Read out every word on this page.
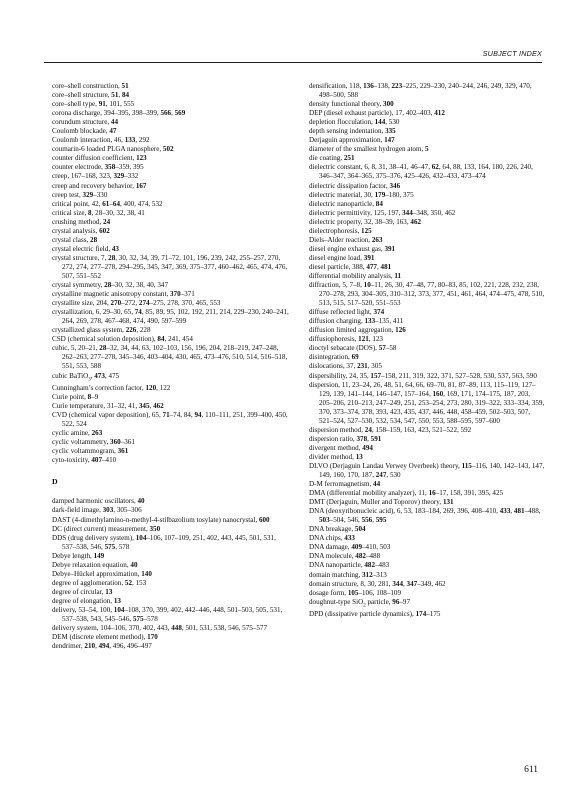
SUBJECT INDEX

core–shell construction, 51

core–shell structure, 51, 84

core–shell type, 91, 101, 555

corona discharge, 394–395, 398–399, 566, 569

corundum structure, 44

Coulomb blockade, 47

Coulomb interaction, 46, 133, 292

coumarin-6 loaded PLGA nanosphere, 502

counter diffusion coefficient, 123

counter electrode, 358–359, 395

creep, 167–168, 323, 329–332

creep and recovery behavior, 167

creep test, 329–330

critical point, 42, 61–64, 400, 474, 532

critical size, 8, 28–30, 32, 38, 41

crushing method, 24

crystal analysis, 602

crystal class, 28

crystal electric field, 43

crystal structure, 7, 28, 30, 32, 34, 39, 71–72, 101, 196, 239, 242, 255–257, 270, 272, 274, 277–278, 294–295, 345, 347, 369, 375–377, 460–462, 465, 474, 476, 507, 551–552

crystal symmetry, 28–30, 32, 38, 40, 347

crystalline magnetic anisotropy constant, 370–371

crystallite size, 204, 270–272, 274–275, 278, 370, 465, 553

crystallization, 6, 29–30, 65, 74, 85, 89, 95, 102, 192, 211, 214, 229–230, 240–241, 264, 269, 278, 467–468, 474, 490, 597–599

crystallized glass system, 226, 228

CSD (chemical solution deposition), 84, 241, 454

cubic, 5, 20–21, 28–32, 34, 44, 63, 102–103, 156, 196, 204, 218–219, 247–248, 262–263, 277–278, 345–346, 403–404, 430, 465, 473–476, 510, 514, 516–518, 551, 553, 588

cubic BaTiO$_3$, 473, 475

Cunningham’s correction factor, 120, 122

Curie point, 8–9

Curie temperature, 31–32, 41, 345, 462

CVD (chemical vapor deposition), 65, 71–74, 84, 94, 110–111, 251, 399–400, 450, 522, 524

cyclic amine, 263

cyclic voltammetry, 360–361

cyclic voltammogram, 361

cyto-toxicity, 407–410

D

damped harmonic oscillators, 40

dark-field image, 303, 305–306

DAST (4-dimethylamino-n-methyl-4-stilbazolium tosylate) nanocrystal, 600

DC (direct current) measurement, 350

DDS (drug delivery system), 104–106, 107–109, 251, 402, 443, 445, 501, 531, 537–538, 546, 575, 578

Debye length, 149

Debye relaxation equation, 40

Debye–Hückel approximation, 140

degree of agglomeration, 52, 153

degree of circular, 13

degree of elongation, 13

delivery, 53–54, 100, 104–108, 370, 399, 402, 442–446, 448, 501–503, 505, 531, 537–538, 543, 545–546, 575–578

delivery system, 104–106, 370, 402, 443, 448, 501, 531, 538, 546, 575–577

DEM (discrete element method), 170

dendrimer, 210, 494, 496, 496–497

densification, 118, 136–138, 223–225, 229–230, 240–244, 246, 249, 329, 470, 498–500, 588

density functional theory, 300

DEP (diesel exhaust particle), 17, 402–403, 412

depletion flocculation, 144, 530

depth sensing indentation, 335

Derjaguin approximation, 147

diameter of the smallest hydrogen atom, 5

die coating, 251

dielectric constant, 6, 8, 31, 38–41, 46–47, 62, 64, 88, 133, 164, 180, 226, 240, 346–347, 364–365, 375–376, 425–426, 432–433, 473–474

dielectric dissipation factor, 346

dielectric material, 30, 179–180, 375

dielectric nanoparticle, 84

dielectric permittivity, 125, 197, 344–348, 350, 462

dielectric property, 32, 38–39, 163, 462

dielectrophoresis, 125

Diels–Alder reaction, 263

diesel engine exhaust gas, 391

diesel engine load, 391

diesel particle, 388, 477, 481

differential mobility analysis, 11

diffraction, 5, 7–8, 10–11, 26, 30, 47–48, 77, 80–83, 85, 102, 221, 228, 232, 238, 270–278, 293, 304–305, 310–312, 373, 377, 451, 461, 464, 474–475, 478, 510, 513, 515, 517–520, 551–553

diffuse reflected light, 374

diffusion charging, 133–135, 411

diffusion limited aggregation, 126

diffusiophoresis, 121, 123

dioctyl sebacate (DOS), 57–58

disintegration, 69

dislocations, 37, 231, 305

dispersibility, 24, 35, 157–158, 211, 319, 322, 371, 527–528, 530, 537, 563, 590

dispersion, 11, 23–24, 26, 48, 51, 64, 66, 69–70, 81, 87–89, 113, 115–119, 127–129, 139, 141–144, 146–147, 157–164, 160, 169, 171, 174–175, 187, 203, 205–206, 210–213, 247–249, 251, 253–254, 273, 280, 319–322, 333–334, 359, 370, 373–374, 378, 393, 423, 435, 437, 446, 448, 458–459, 502–503, 507, 521–524, 527–530, 532, 534, 547, 550, 553, 588–595, 597–600

dispersion method, 24, 158–159, 163, 423, 521–522, 592

dispersion ratio, 378, 591

divergent method, 494

divider method, 13

DLVO (Derjaguin Landau Verwey Overbeek) theory, 115–116, 140, 142–143, 147, 149, 160, 170, 187, 247, 530

D-M ferromagnetism, 44

DMA (differential mobility analyzer), 11, 16–17, 158, 391, 395, 425

DMT (Derjaguin, Muller and Toporov) theory, 131

DNA (deoxyribonucleic acid), 6, 53, 183–184, 269, 396, 408–410, 433, 481–488, 503–504, 546, 556, 595

DNA breakage, 504

DNA chips, 433

DNA damage, 409–410, 503

DNA molecule, 482–488

DNA nanoparticle, 482–483

domain matching, 312–313

domain structure, 8, 30, 281, 344, 347–349, 462

dosage form, 105–106, 108–109

doughnut-type SiO$_2$ particle, 96–97

DPD (dissipative particle dynamics), 174–175

611
